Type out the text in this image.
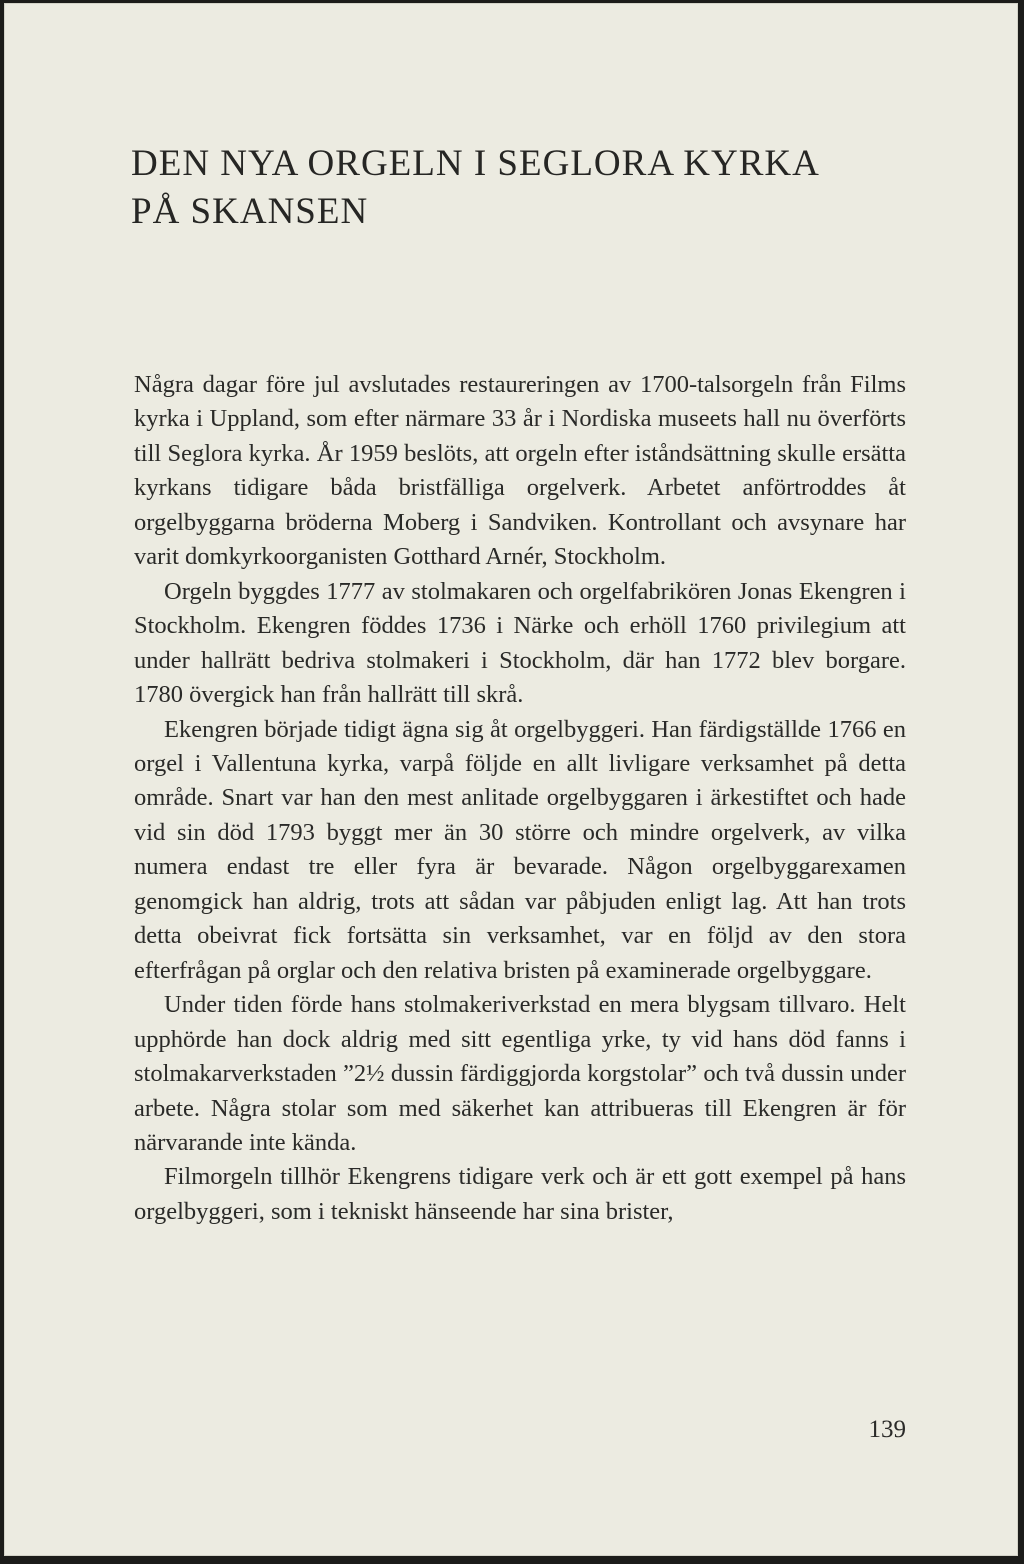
DEN NYA ORGELN I SEGLORA KYRKA
PÅ SKANSEN

Några dagar före jul avslutades restaureringen av 1700-talsorgeln från Films kyrka i Uppland, som efter närmare 33 år i Nordiska museets hall nu överförts till Seglora kyrka. År 1959 beslöts, att orgeln efter iståndsättning skulle ersätta kyrkans tidigare båda bristfälliga orgelverk. Arbetet anförtroddes åt orgelbyggarna bröderna Moberg i Sandviken. Kontrollant och avsynare har varit domkyrkoorganisten Gotthard Arnér, Stockholm.

Orgeln byggdes 1777 av stolmakaren och orgelfabrikören Jonas Ekengren i Stockholm. Ekengren föddes 1736 i Närke och erhöll 1760 privilegium att under hallrätt bedriva stolmakeri i Stockholm, där han 1772 blev borgare. 1780 övergick han från hallrätt till skrå.

Ekengren började tidigt ägna sig åt orgelbyggeri. Han färdigställde 1766 en orgel i Vallentuna kyrka, varpå följde en allt livligare verksamhet på detta område. Snart var han den mest anlitade orgelbyggaren i ärkestiftet och hade vid sin död 1793 byggt mer än 30 större och mindre orgelverk, av vilka numera endast tre eller fyra är bevarade. Någon orgelbyggarexamen genomgick han aldrig, trots att sådan var påbjuden enligt lag. Att han trots detta obeivrat fick fortsätta sin verksamhet, var en följd av den stora efterfrågan på orglar och den relativa bristen på examinerade orgelbyggare.

Under tiden förde hans stolmakeriverkstad en mera blygsam tillvaro. Helt upphörde han dock aldrig med sitt egentliga yrke, ty vid hans död fanns i stolmakarverkstaden ”2½ dussin färdiggjorda korgstolar” och två dussin under arbete. Några stolar som med säkerhet kan attribueras till Ekengren är för närvarande inte kända.

Filmorgeln tillhör Ekengrens tidigare verk och är ett gott exempel på hans orgelbyggeri, som i tekniskt hänseende har sina brister,

139
